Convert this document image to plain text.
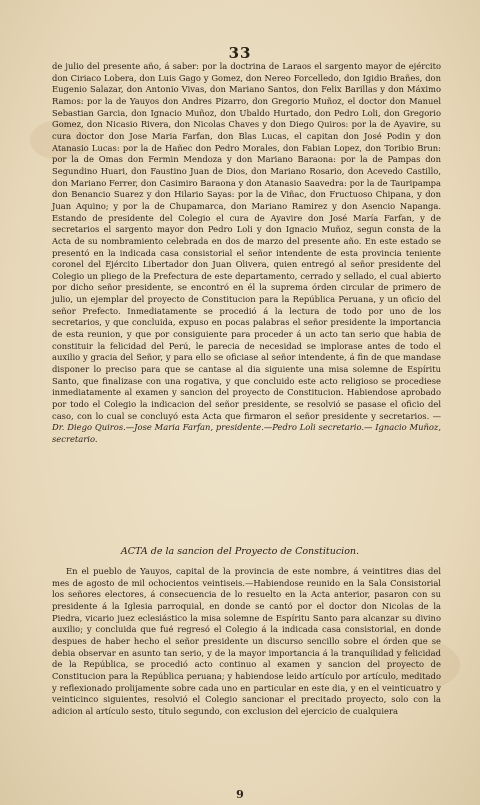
33
de julio del presente año, á saber: por la doctrina de Laraos el sargento mayor de ejército don Ciriaco Lobera, don Luis Gago y Gomez, don Nereo Forcelledo, don Igidio Brañes, don Eugenio Salazar, don Antonio Vivas, don Mariano Santos, don Felix Barillas y don Máximo Ramos: por la de Yauyos don Andres Pizarro, don Gregorio Muñoz, el doctor don Manuel Sebastian Garcia, don Ignacio Muñoz, don Ubaldo Hurtado, don Pedro Loli, don Gregorio Gomez, don Nicasio Rivera, don Nicolas Chaves y don Diego Quiros: por la de Ayavire, su cura doctor don Jose Maria Farfan, don Blas Lucas, el capitan don José Podin y don Atanasio Lucas: por la de Hañec don Pedro Morales, don Fabian Lopez, don Toribio Brun: por la de Omas don Fermin Mendoza y don Mariano Baraona: por la de Pampas don Segundino Huari, don Faustino Juan de Dios, don Mariano Rosario, don Acevedo Castillo, don Mariano Ferrer, don Casimiro Baraona y don Atanasio Saavedra: por la de Tauripampa don Benancio Suarez y don Hilario Sayas: por la de Viñac, don Fructuoso Chipana, y don Juan Aquino; y por la de Chupamarca, don Mariano Ramirez y don Asencio Napanga. Estando de presidente del Colegio el cura de Ayavire don José María Farfan, y de secretarios el sargento mayor don Pedro Loli y don Ignacio Muñoz, segun consta de la Acta de su nombramiento celebrada en dos de marzo del presente año. En este estado se presentó en la indicada casa consistorial el señor intendente de esta provincia teniente coronel del Ejército Libertador don Juan Olivera, quien entregó al señor presidente del Colegio un pliego de la Prefectura de este departamento, cerrado y sellado, el cual abierto por dicho señor presidente, se encontró en él la suprema órden circular de primero de julio, un ejemplar del proyecto de Constitucion para la República Peruana, y un oficio del señor Prefecto. Inmediatamente se procedió á la lectura de todo por uno de los secretarios, y que concluida, expuso en pocas palabras el señor presidente la importancia de esta reunion, y que por consiguiente para proceder á un acto tan serio que habia de constituir la felicidad del Perú, le parecia de necesidad se implorase antes de todo el auxilio y gracia del Señor, y para ello se oficiase al señor intendente, á fin de que mandase disponer lo preciso para que se cantase al dia siguiente una misa solemne de Espíritu Santo, que finalizase con una rogativa, y que concluido este acto religioso se procediese inmediatamente al examen y sancion del proyecto de Constitucion. Habiendose aprobado por todo el Colegio la indicacion del señor presidente, se resolvió se pasase el oficio del caso, con lo cual se concluyó esta Acta que firmaron el señor presidente y secretarios. — Dr. Diego Quiros.—Jose Maria Farfan, presidente.—Pedro Loli secretario.— Ignacio Muñoz, secretario.
ACTA de la sancion del Proyecto de Constitucion.
En el pueblo de Yauyos, capital de la provincia de este nombre, á veintitres dias del mes de agosto de mil ochocientos veintiseis.—Habiendose reunido en la Sala Consistorial los señores electores, á consecuencia de lo resuelto en la Acta anterior, pasaron con su presidente á la Iglesia parroquial, en donde se cantó por el doctor don Nicolas de la Piedra, vicario juez eclesiástico la misa solemne de Espíritu Santo para alcanzar su divino auxilio; y concluida que fué regresó el Colegio á la indicada casa consistorial, en donde despues de haber hecho el señor presidente un discurso sencillo sobre el órden que se debia observar en asunto tan serio, y de la mayor importancia á la tranquilidad y felicidad de la República, se procedió acto continuo al examen y sancion del proyecto de Constitucion para la República peruana; y habiendose leido artículo por artículo, meditado y reflexionado prolijamente sobre cada uno en particular en este dia, y en el veinticuatro y veinticinco siguientes, resolvió el Colegio sancionar el precitado proyecto, solo con la adicion al artículo sesto, título segundo, con exclusion del ejercicio de cualquiera
9
